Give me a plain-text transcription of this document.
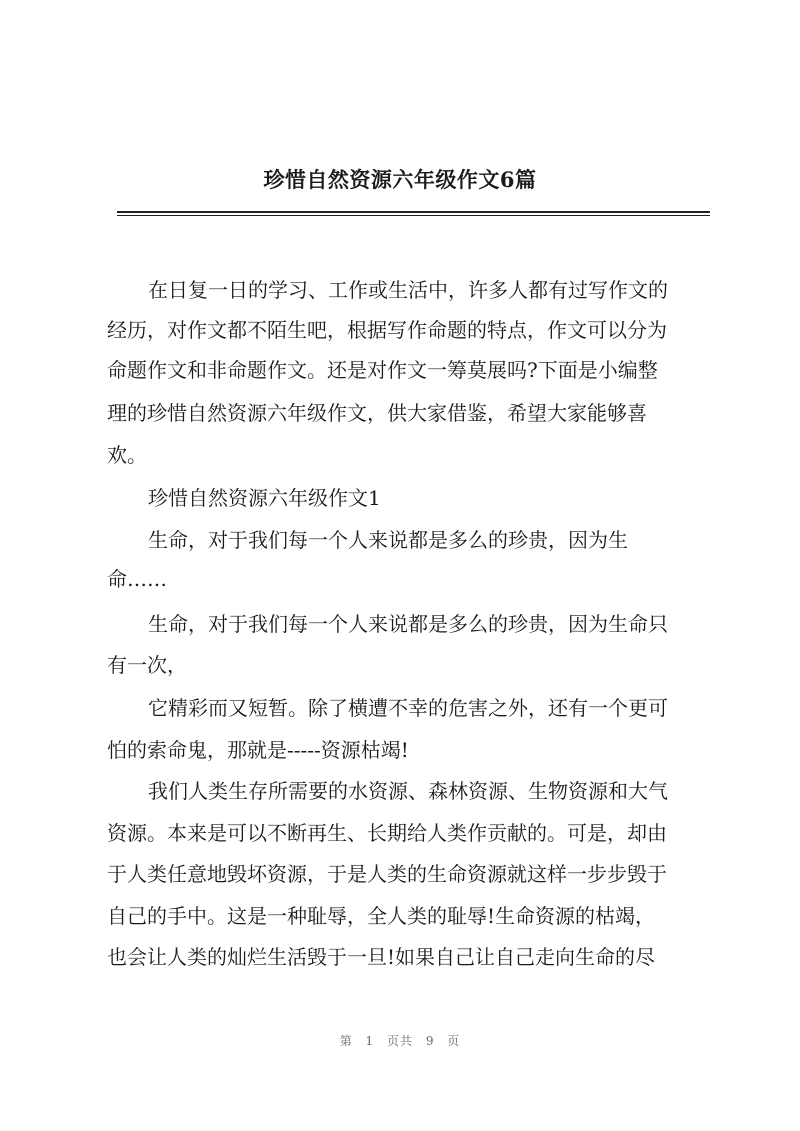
珍惜自然资源六年级作文6篇
在日复一日的学习、工作或生活中，许多人都有过写作文的
经历，对作文都不陌生吧，根据写作命题的特点，作文可以分为
命题作文和非命题作文。还是对作文一筹莫展吗?下面是小编整
理的珍惜自然资源六年级作文，供大家借鉴，希望大家能够喜
欢。
珍惜自然资源六年级作文1
生命，对于我们每一个人来说都是多么的珍贵，因为生
命……
生命，对于我们每一个人来说都是多么的珍贵，因为生命只
有一次，
它精彩而又短暂。除了横遭不幸的危害之外，还有一个更可
怕的索命鬼，那就是-----资源枯竭!
我们人类生存所需要的水资源、森林资源、生物资源和大气
资源。本来是可以不断再生、长期给人类作贡献的。可是，却由
于人类任意地毁坏资源，于是人类的生命资源就这样一步步毁于
自己的手中。这是一种耻辱，全人类的耻辱!生命资源的枯竭，
也会让人类的灿烂生活毁于一旦!如果自己让自己走向生命的尽
第 1 页共 9 页
